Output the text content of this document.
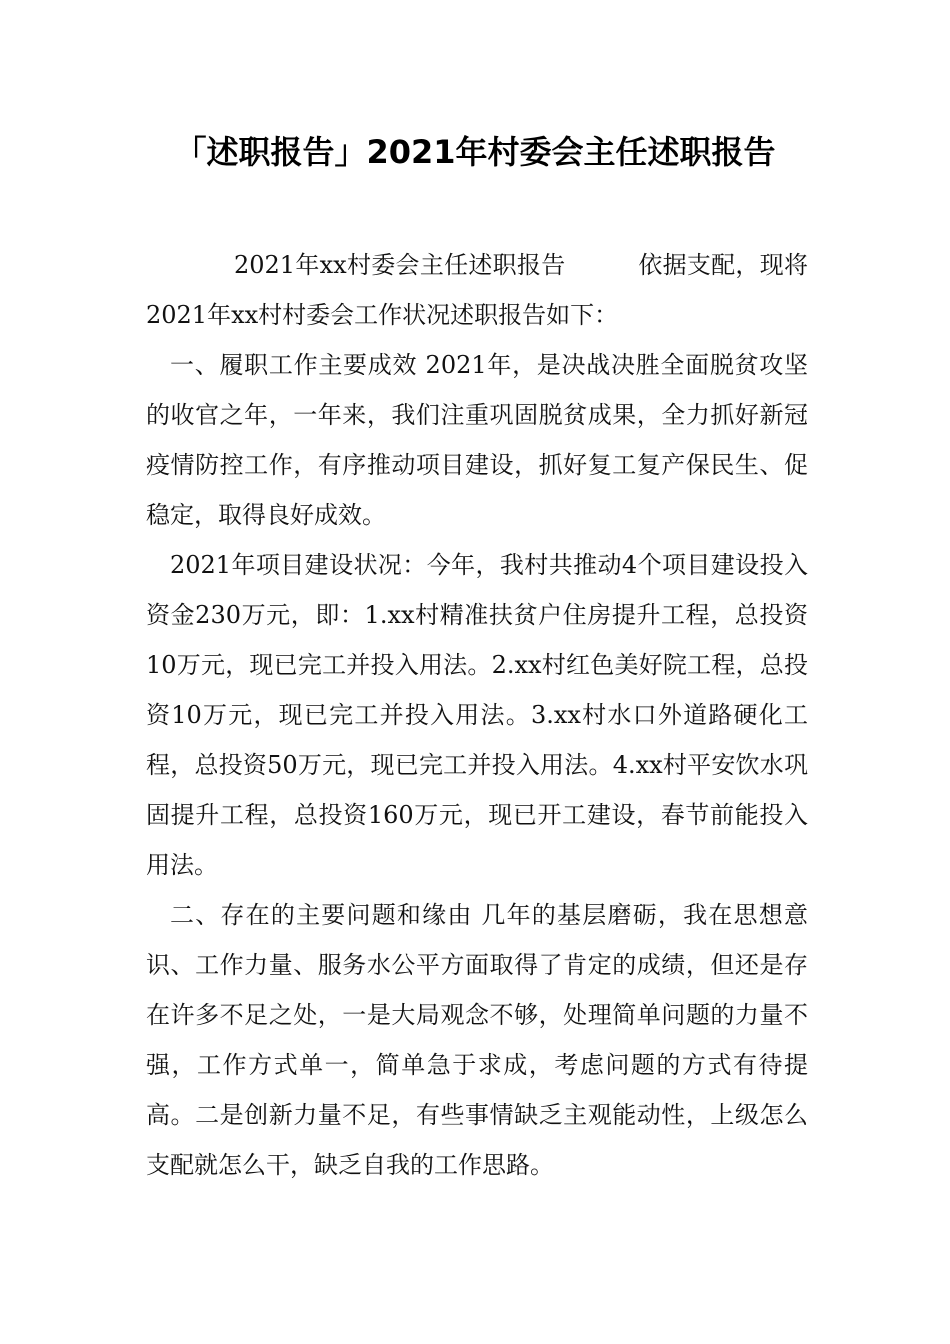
「述职报告」2021年村委会主任述职报告

2021年xx村委会主任述职报告　　　依据支配，现将2021年xx村村委会工作状况述职报告如下：

一、履职工作主要成效 2021年，是决战决胜全面脱贫攻坚的收官之年，一年来，我们注重巩固脱贫成果，全力抓好新冠疫情防控工作，有序推动项目建设，抓好复工复产保民生、促稳定，取得良好成效。

2021年项目建设状况：今年，我村共推动4个项目建设投入资金230万元，即：1.xx村精准扶贫户住房提升工程，总投资10万元，现已完工并投入用法。2.xx村红色美好院工程，总投资10万元，现已完工并投入用法。3.xx村水口外道路硬化工程，总投资50万元，现已完工并投入用法。4.xx村平安饮水巩固提升工程，总投资160万元，现已开工建设，春节前能投入用法。

二、存在的主要问题和缘由 几年的基层磨砺，我在思想意识、工作力量、服务水公平方面取得了肯定的成绩，但还是存在许多不足之处，一是大局观念不够，处理简单问题的力量不强，工作方式单一，简单急于求成，考虑问题的方式有待提高。二是创新力量不足，有些事情缺乏主观能动性，上级怎么支配就怎么干，缺乏自我的工作思路。
